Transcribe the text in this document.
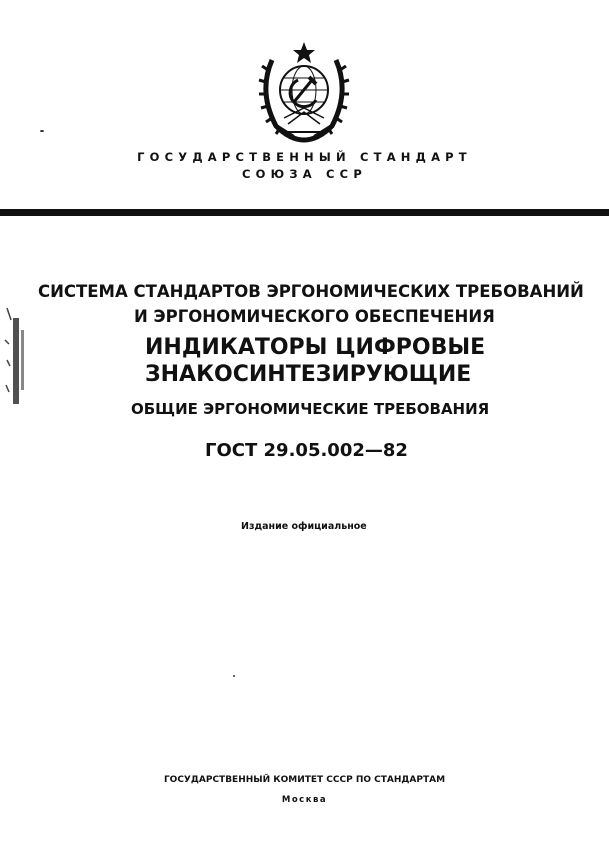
ГОСУДАРСТВЕННЫЙ СТАНДАРТ
СОЮЗА ССР
СИСТЕМА СТАНДАРТОВ ЭРГОНОМИЧЕСКИХ ТРЕБОВАНИЙ
И ЭРГОНОМИЧЕСКОГО ОБЕСПЕЧЕНИЯ
ИНДИКАТОРЫ ЦИФРОВЫЕ
ЗНАКОСИНТЕЗИРУЮЩИЕ
ОБЩИЕ ЭРГОНОМИЧЕСКИЕ ТРЕБОВАНИЯ
ГОСТ 29.05.002—82
Издание официальное
ГОСУДАРСТВЕННЫЙ КОМИТЕТ СССР ПО СТАНДАРТАМ
Москва
